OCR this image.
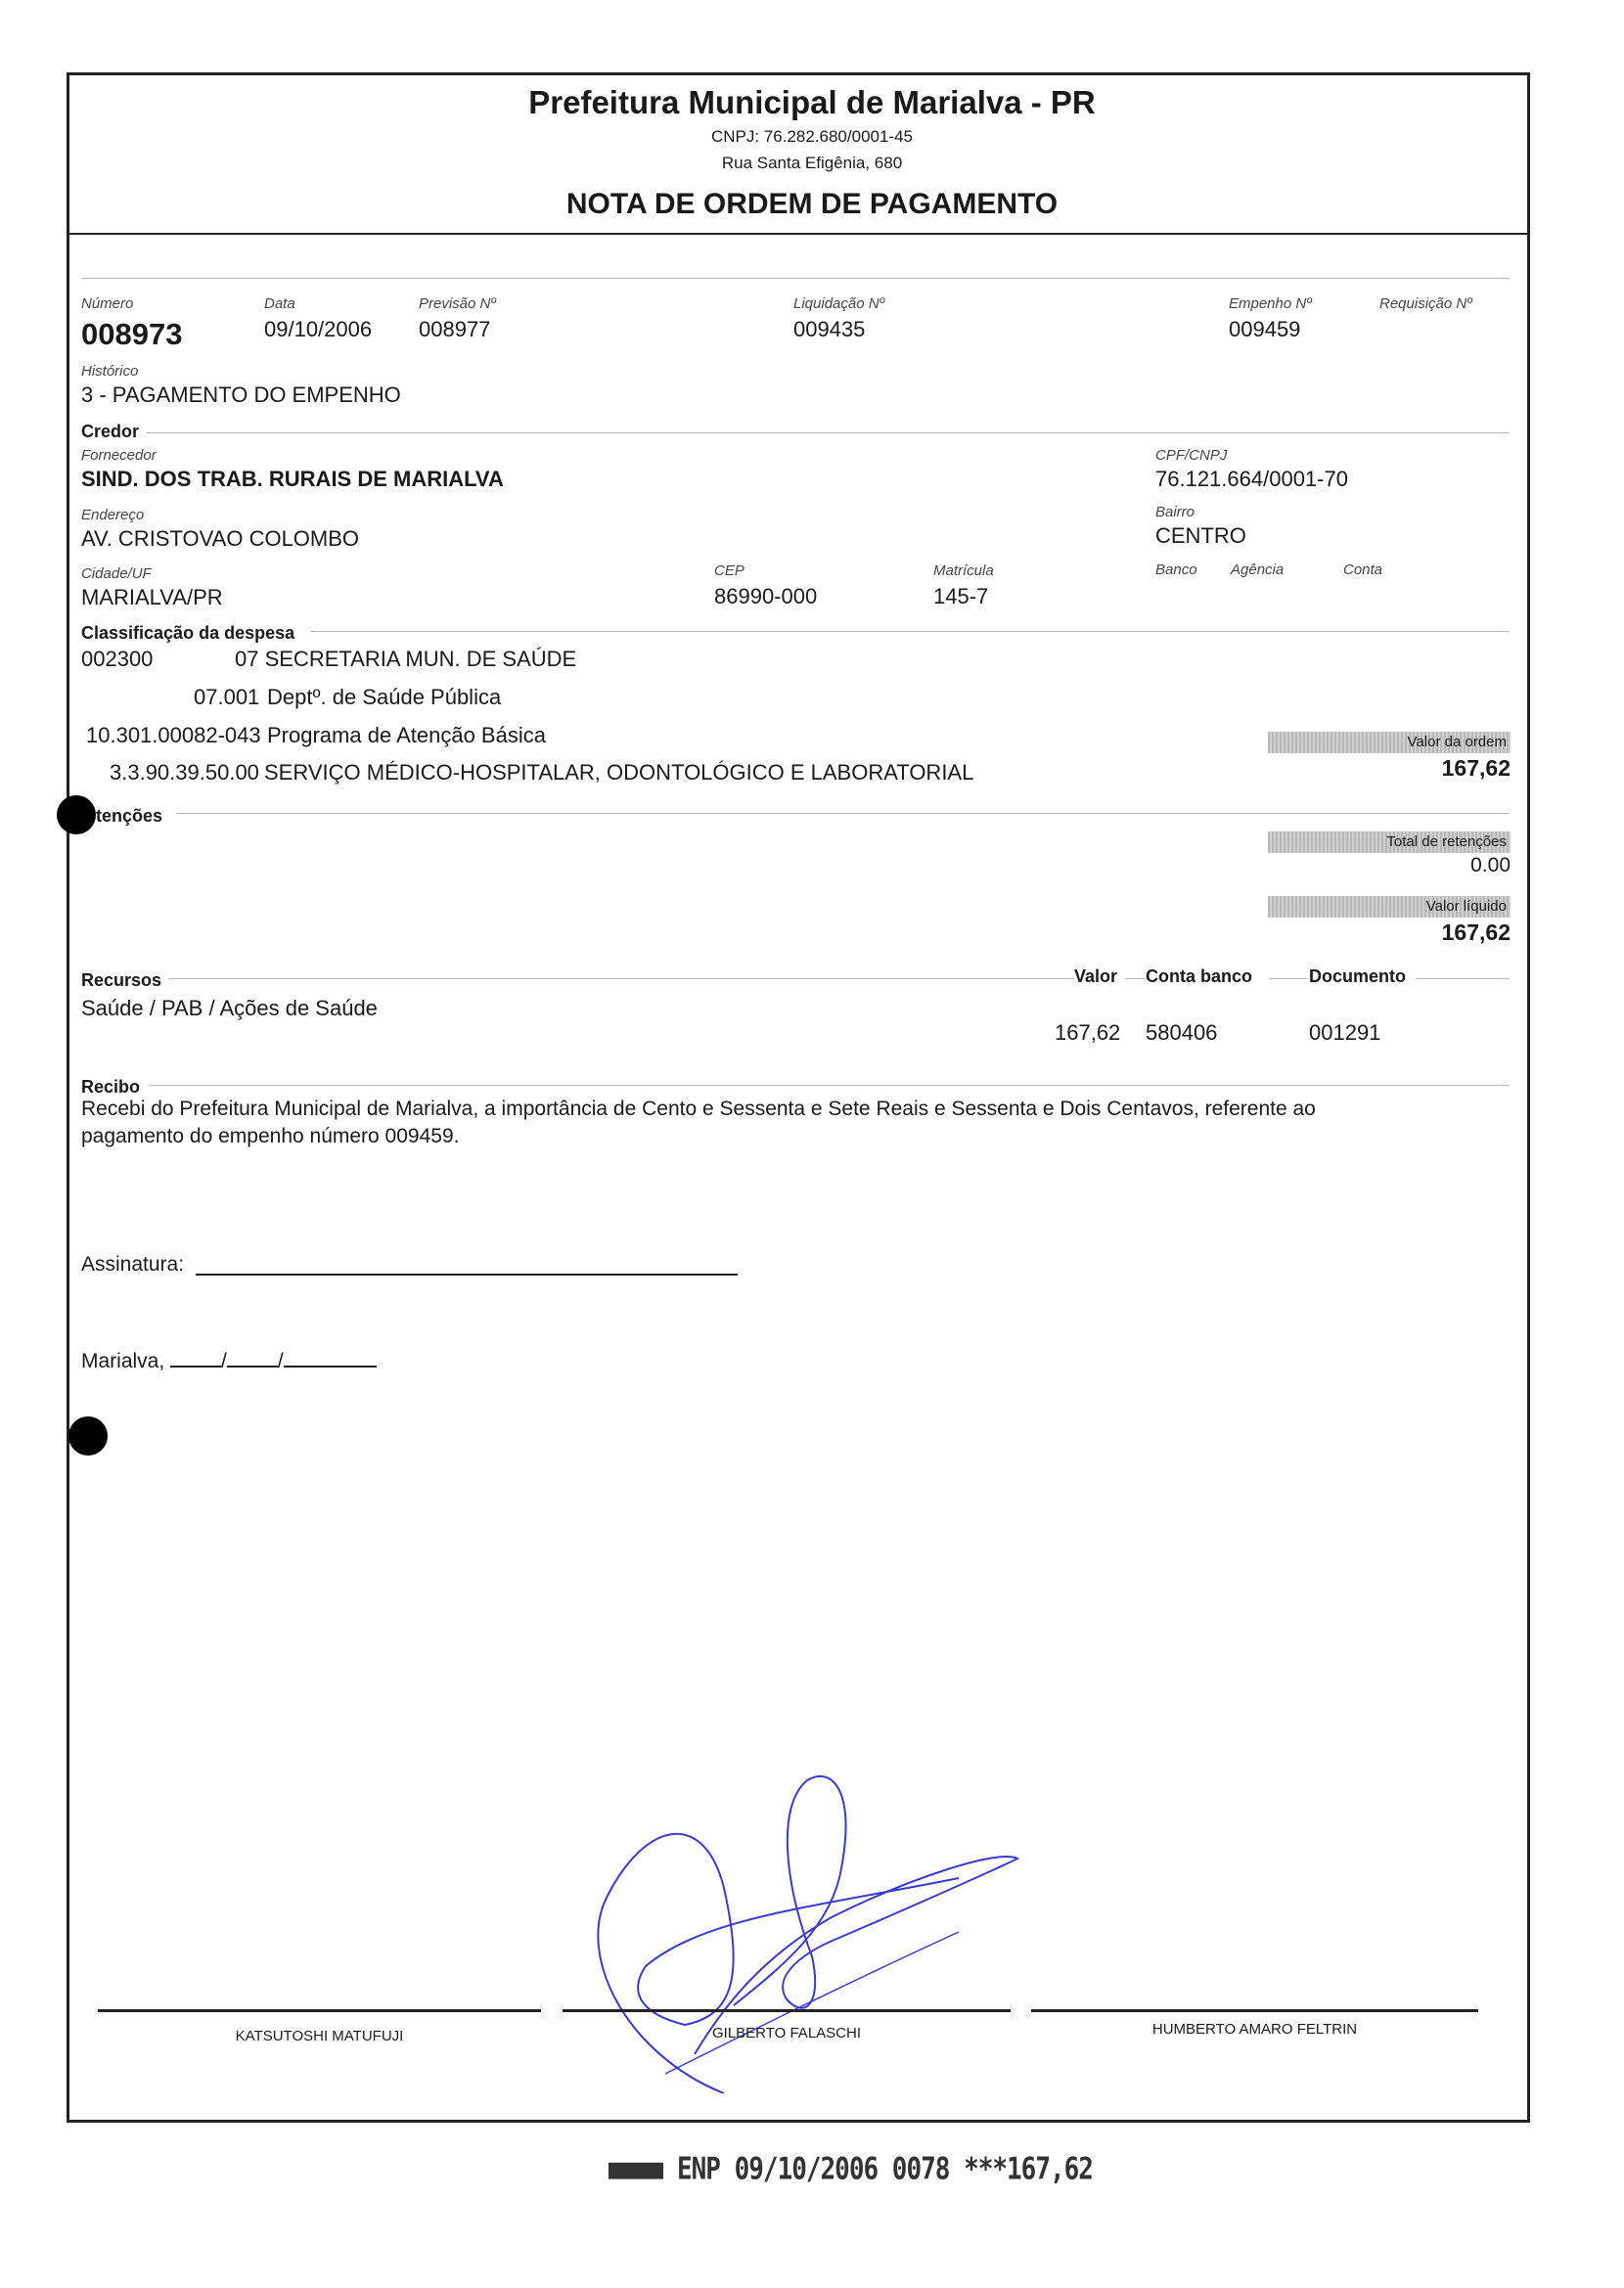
Prefeitura Municipal de Marialva - PR
CNPJ: 76.282.680/0001-45
Rua Santa Efigênia, 680
NOTA DE ORDEM DE PAGAMENTO
Número
008973
Data
09/10/2006
Previsão Nº
008977
Liquidação Nº
009435
Empenho Nº
009459
Requisição Nº
Histórico
3 - PAGAMENTO DO EMPENHO
Credor
Fornecedor
SIND. DOS TRAB. RURAIS DE MARIALVA
CPF/CNPJ
76.121.664/0001-70
Endereço
AV. CRISTOVAO COLOMBO
Bairro
CENTRO
Cidade/UF
MARIALVA/PR
CEP
86990-000
Matrícula
145-7
Banco Agência	Conta
Classificação da despesa
002300	07 SECRETARIA MUN. DE SAÚDE
07.001 Deptº. de Saúde Pública
10.301.00082-043 Programa de Atenção Básica
3.3.90.39.50.00 SERVIÇO MÉDICO-HOSPITALAR, ODONTOLÓGICO E LABORATORIAL
Valor da ordem
167,62
tenções
Total de retenções
0.00
Valor líquido
167,62
Recursos	Valor Conta banco	Documento
Saúde / PAB / Ações de Saúde
167,62 580406	001291
Recibo
Recebi do Prefeitura Municipal de Marialva, a importância de Cento e Sessenta e Sete Reais e Sessenta e Dois Centavos, referente ao
pagamento do empenho número 009459.
Assinatura:
Marialva,	/ /
KATSUTOSHI MATUFUJI	GILBERTO FALASCHI	HUMBERTO AMARO FELTRIN
ENP 09/10/2006 0078 ***167,62
